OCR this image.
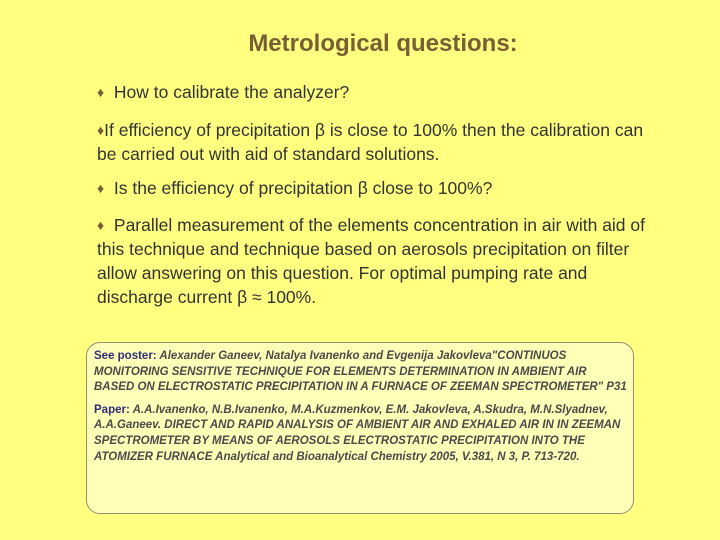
Metrological questions:
♦ How to calibrate the analyzer?
♦If efficiency of precipitation β is close to 100% then the calibration can be carried out with aid of standard solutions.
♦ Is the efficiency of precipitation β close to 100%?
♦ Parallel measurement of the elements concentration in air with aid of this technique and technique based on aerosols precipitation on filter allow answering on this question. For optimal pumping rate and discharge current β ≈ 100%.

See poster: Alexander Ganeev, Natalya Ivanenko and Evgenija Jakovleva"CONTINUOS MONITORING SENSITIVE TECHNIQUE FOR ELEMENTS DETERMINATION IN AMBIENT AIR BASED ON ELECTROSTATIC PRECIPITATION IN A FURNACE OF ZEEMAN SPECTROMETER" P31

Paper: A.A.Ivanenko, N.B.Ivanenko, M.A.Kuzmenkov, E.M. Jakovleva, A.Skudra, M.N.Slyadnev, A.A.Ganeev. DIRECT AND RAPID ANALYSIS OF AMBIENT AIR AND EXHALED AIR IN IN ZEEMAN SPECTROMETER BY MEANS OF AEROSOLS ELECTROSTATIC PRECIPITATION INTO THE ATOMIZER FURNACE Analytical and Bioanalytical Chemistry 2005, V.381, N 3, P. 713-720.
